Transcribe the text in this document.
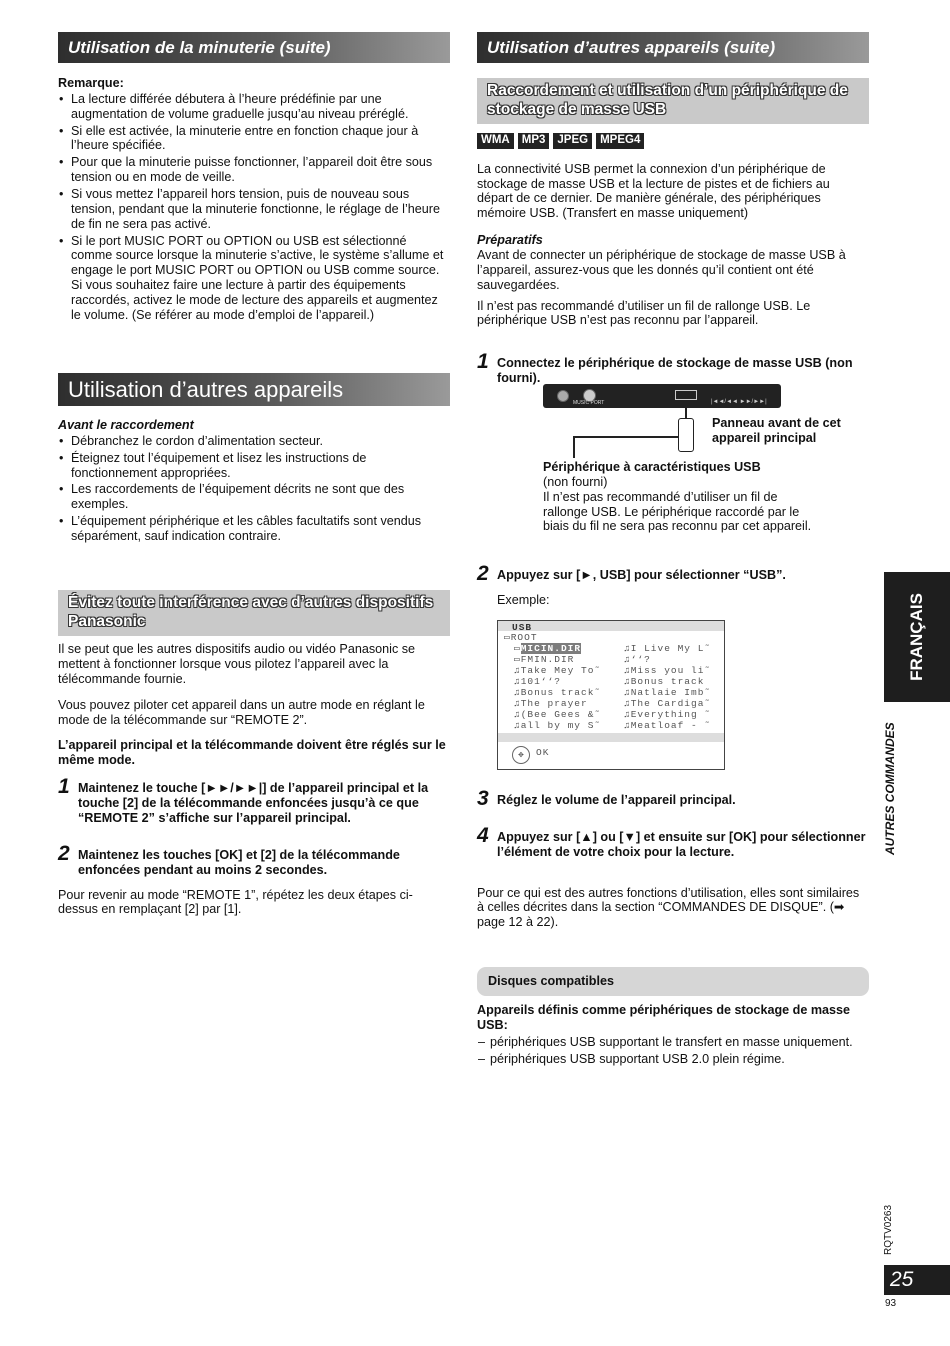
Utilisation de la minuterie (suite)

Remarque:

• La lecture différée débutera à l’heure prédéfinie par une augmentation de volume graduelle jusqu’au niveau préréglé.
• Si elle est activée, la minuterie entre en fonction chaque jour à l’heure spécifiée.
• Pour que la minuterie puisse fonctionner, l’appareil doit être sous tension ou en mode de veille.
• Si vous mettez l’appareil hors tension, puis de nouveau sous tension, pendant que la minuterie fonctionne, le réglage de l’heure de fin ne sera pas activé.
• Si le port MUSIC PORT ou OPTION ou USB est sélectionné comme source lorsque la minuterie s’active, le système s’allume et engage le port MUSIC PORT ou OPTION ou USB comme source. Si vous souhaitez faire une lecture à partir des équipements raccordés, activez le mode de lecture des appareils et augmentez le volume. (Se référer au mode d’emploi de l’appareil.)
Utilisation d’autres appareils

Avant le raccordement

• Débranchez le cordon d’alimentation secteur.
• Éteignez tout l’équipement et lisez les instructions de fonctionnement appropriées.
• Les raccordements de l’équipement décrits ne sont que des exemples.
• L’équipement périphérique et les câbles facultatifs sont vendus séparément, sauf indication contraire.
Évitez toute interférence avec d’autres dispositifs Panasonic

Il se peut que les autres dispositifs audio ou vidéo Panasonic se mettent à fonctionner lorsque vous pilotez l’appareil avec la télécommande fournie.

Vous pouvez piloter cet appareil dans un autre mode en réglant le mode de la télécommande sur “REMOTE 2”.

L’appareil principal et la télécommande doivent être réglés sur le même mode.

1 Maintenez le touche [►►/►►|] de l’appareil principal et la touche [2] de la télécommande enfoncées jusqu’à ce que “REMOTE 2” s’affiche sur l’appareil principal.
2 Maintenez les touches [OK] et [2] de la télécommande enfoncées pendant au moins 2 secondes.

Pour revenir au mode “REMOTE 1”, répétez les deux étapes ci-dessus en remplaçant [2] par [1].

Utilisation d’autres appareils (suite)
Raccordement et utilisation d’un périphérique de stockage de masse USB
WMA MP3 JPEG MPEG4

La connectivité USB permet la connexion d’un périphérique de stockage de masse USB et la lecture de pistes et de fichiers au départ de ce dernier. De manière générale, des périphériques mémoire USB. (Transfert en masse uniquement)

Préparatifs

Avant de connecter un périphérique de stockage de masse USB à l’appareil, assurez-vous que les donnés qu’il contient ont été sauvegardées.

Il n’est pas recommandé d’utiliser un fil de rallonge USB. Le périphérique USB n’est pas reconnu par l’appareil.

1 Connectez le périphérique de stockage de masse USB (non fourni).
MUSIC PORT	|◄◄/◄◄ ►►/►►|
Panneau avant de cet appareil principal

Périphérique à caractéristiques USB

(non fourni)

Il n’est pas recommandé d’utiliser un fil de rallonge USB. Le périphérique raccordé par le biais du fil ne sera pas reconnu par cet appareil.

2 Appuyez sur [►, USB] pour sélectionner “USB”.

Exemple:

USB
▭ROOT
▭MICIN.DIR
▭FMIN.DIR
♫Take Mey To˜
♫101‘‘?
♫Bonus track˜
♫The prayer
♫(Bee Gees &˜
♫all by my S˜
♫I Live My L˜
♫‘‘?
♫Miss you li˜
♫Bonus track
♫Natlaie Imb˜
♫The Cardiga˜
♫Everything ˜
♫Meatloaf - ˜
✥	OK
3 Réglez le volume de l’appareil principal.
4 Appuyez sur [▲] ou [▼] et ensuite sur [OK] pour sélectionner l’élément de votre choix pour la lecture.

Pour ce qui est des autres fonctions d’utilisation, elles sont similaires à celles décrites dans la section “COMMANDES DE DISQUE”. (➡ page 12 à 22).

Disques compatibles

Appareils définis comme périphériques de stockage de masse USB:

– périphériques USB supportant le transfert en masse uniquement.
– périphériques USB supportant USB 2.0 plein régime.
FRANÇAIS
AUTRES COMMANDES
RQTV0263
25
93
